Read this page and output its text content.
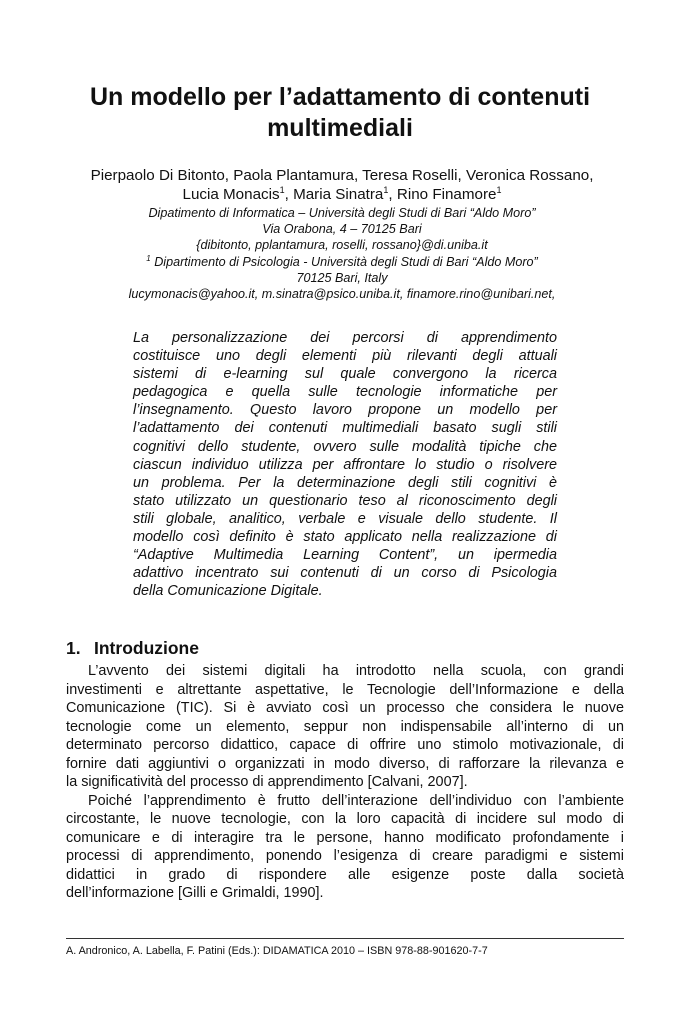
Un modello per l’adattamento di contenuti
multimediali
Pierpaolo Di Bitonto, Paola Plantamura, Teresa Roselli, Veronica Rossano,
Lucia Monacis$^1$, Maria Sinatra$^1$, Rino Finamore$^1$
Dipatimento di Informatica – Università degli Studi di Bari “Aldo Moro”
Via Orabona, 4 – 70125 Bari
{dibitonto, pplantamura, roselli, rossano}@di.uniba.it
$^1$ Dipartimento di Psicologia - Università degli Studi di Bari “Aldo Moro”
70125 Bari, Italy
lucymonacis@yahoo.it, m.sinatra@psico.uniba.it, finamore.rino@unibari.net,
La personalizzazione dei percorsi di apprendimento
costituisce uno degli elementi più rilevanti degli attuali
sistemi di e-learning sul quale convergono la ricerca
pedagogica e quella sulle tecnologie informatiche per
l’insegnamento. Questo lavoro propone un modello per
l’adattamento dei contenuti multimediali basato sugli stili
cognitivi dello studente, ovvero sulle modalità tipiche che
ciascun individuo utilizza per affrontare lo studio o risolvere
un problema. Per la determinazione degli stili cognitivi è
stato utilizzato un questionario teso al riconoscimento degli
stili globale, analitico, verbale e visuale dello studente. Il
modello così definito è stato applicato nella realizzazione di
“Adaptive Multimedia Learning Content”, un ipermedia
adattivo incentrato sui contenuti di un corso di Psicologia
della Comunicazione Digitale.
1. Introduzione
L’avvento dei sistemi digitali ha introdotto nella scuola, con grandi
investimenti e altrettante aspettative, le Tecnologie dell’Informazione e della
Comunicazione (TIC). Si è avviato così un processo che considera le nuove
tecnologie come un elemento, seppur non indispensabile all’interno di un
determinato percorso didattico, capace di offrire uno stimolo motivazionale, di
fornire dati aggiuntivi o organizzati in modo diverso, di rafforzare la rilevanza e
la significatività del processo di apprendimento [Calvani, 2007].
Poiché l’apprendimento è frutto dell’interazione dell’individuo con l’ambiente
circostante, le nuove tecnologie, con la loro capacità di incidere sul modo di
comunicare e di interagire tra le persone, hanno modificato profondamente i
processi di apprendimento, ponendo l’esigenza di creare paradigmi e sistemi
didattici in grado di rispondere alle esigenze poste dalla società
dell’informazione [Gilli e Grimaldi, 1990].
A. Andronico, A. Labella, F. Patini (Eds.): DIDAMATICA 2010 – ISBN 978-88-901620-7-7
